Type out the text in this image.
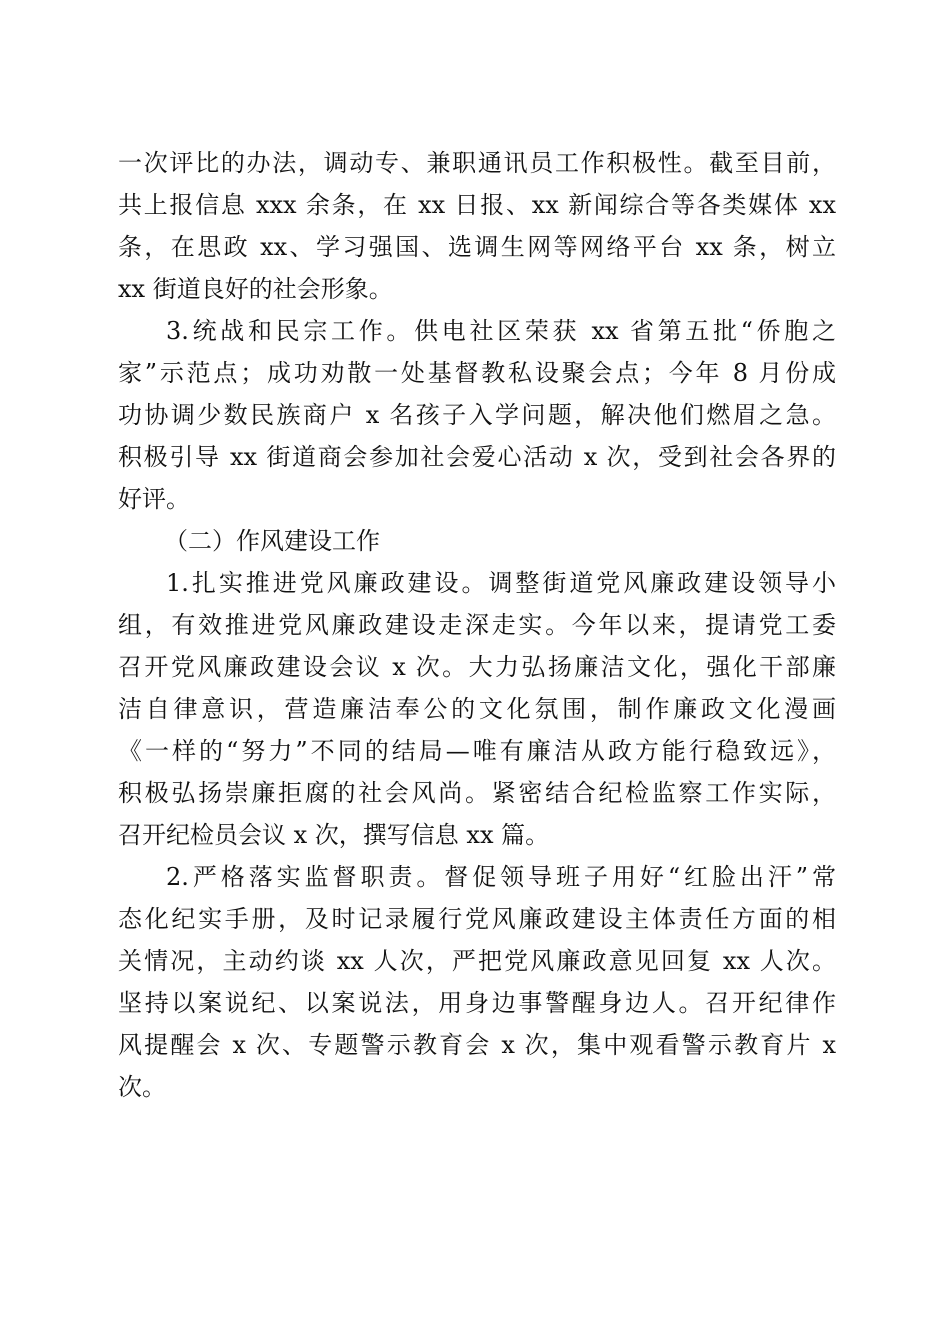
一次评比的办法，调动专、兼职通讯员工作积极性。截至目前，
共上报信息 xxx 余条，在 xx 日报、xx 新闻综合等各类媒体 xx
条，在思政 xx、学习强国、选调生网等网络平台 xx 条，树立
xx 街道良好的社会形象。
3.统战和民宗工作。供电社区荣获 xx 省第五批“侨胞之
家”示范点；成功劝散一处基督教私设聚会点；今年 8 月份成
功协调少数民族商户 x 名孩子入学问题，解决他们燃眉之急。
积极引导 xx 街道商会参加社会爱心活动 x 次，受到社会各界的
好评。
（二）作风建设工作
1.扎实推进党风廉政建设。调整街道党风廉政建设领导小
组，有效推进党风廉政建设走深走实。今年以来，提请党工委
召开党风廉政建设会议 x 次。大力弘扬廉洁文化，强化干部廉
洁自律意识，营造廉洁奉公的文化氛围，制作廉政文化漫画
《一样的“努力”不同的结局—唯有廉洁从政方能行稳致远》，
积极弘扬崇廉拒腐的社会风尚。紧密结合纪检监察工作实际，
召开纪检员会议 x 次，撰写信息 xx 篇。
2.严格落实监督职责。督促领导班子用好“红脸出汗”常
态化纪实手册，及时记录履行党风廉政建设主体责任方面的相
关情况，主动约谈 xx 人次，严把党风廉政意见回复 xx 人次。
坚持以案说纪、以案说法，用身边事警醒身边人。召开纪律作
风提醒会 x 次、专题警示教育会 x 次，集中观看警示教育片 x
次。
